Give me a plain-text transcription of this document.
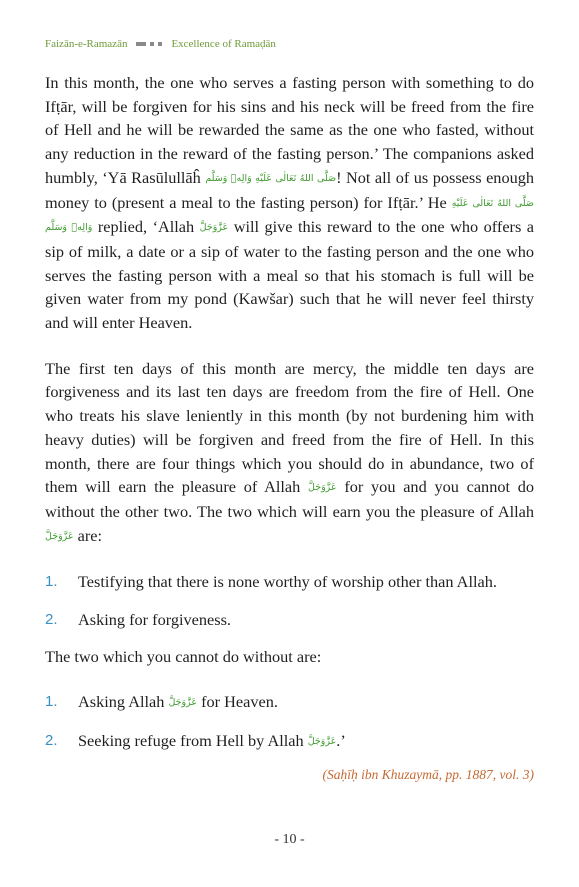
Faizān-e-Ramazān	Excellence of Ramaḍān

In this month, the one who serves a fasting person with something to do Ifṭār, will be forgiven for his sins and his neck will be freed from the fire of Hell and he will be rewarded the same as the one who fasted, without any reduction in the reward of the fasting person.’ The companions asked humbly, ‘Yā Rasūlullāĥ صَلَّى اللهُ تَعَالٰى عَلَيْهِ وَالِهٖ وَسَلَّم! Not all of us possess enough money to (present a meal to the fasting person) for Ifṭār.’ He صَلَّى اللهُ تَعَالٰى عَلَيْهِ وَالِهٖ وَسَلَّم replied, ‘Allah عَزَّوَجَلَّ will give this reward to the one who offers a sip of milk, a date or a sip of water to the fasting person and the one who serves the fasting person with a meal so that his stomach is full will be given water from my pond (Kawšar) such that he will never feel thirsty and will enter Heaven.

The first ten days of this month are mercy, the middle ten days are forgiveness and its last ten days are freedom from the fire of Hell. One who treats his slave leniently in this month (by not burdening him with heavy duties) will be forgiven and freed from the fire of Hell. In this month, there are four things which you should do in abundance, two of them will earn the pleasure of Allah عَزَّوَجَلَّ for you and you cannot do without the other two. The two which will earn you the pleasure of Allah عَزَّوَجَلَّ are:

1.	Testifying that there is none worthy of worship other than Allah.
2.	Asking for forgiveness.

The two which you cannot do without are:

1.	Asking Allah عَزَّوَجَلَّ for Heaven.
2.	Seeking refuge from Hell by Allah عَزَّوَجَلَّ.’
(Saḥīḥ ibn Khuzaymā, pp. 1887, vol. 3)
- 10 -
